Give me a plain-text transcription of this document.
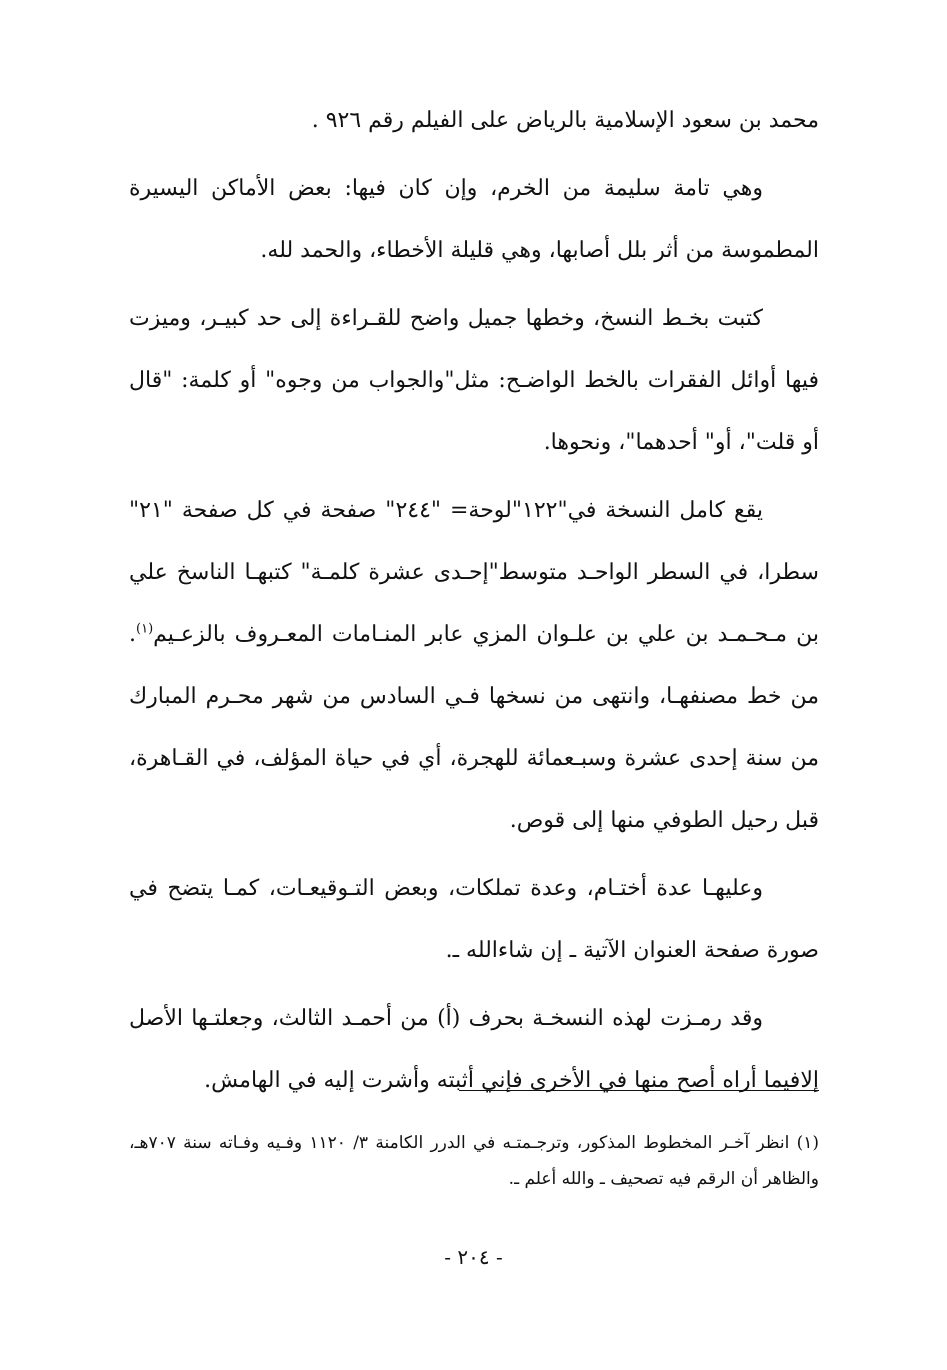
محمد بن سعود الإسلامية بالرياض على الفيلم رقم ٩٢٦ .

وهي تامة سليمة من الخرم، وإن كان فيها: بعض الأماكن اليسيرة المطموسة من أثر بلل أصابها، وهي قليلة الأخطاء، والحمد لله.

كتبت بخـط النسخ، وخطها جميل واضح للقـراءة إلى حد كبيـر، وميزت فيها أوائل الفقرات بالخط الواضـح: مثل"والجواب من وجوه" أو كلمة: "قال أو قلت"، أو" أحدهما"، ونحوها.

يقع كامل النسخة في"١٢٢"لوحة= "٢٤٤" صفحة في كل صفحة "٢١" سطرا، في السطر الواحـد متوسط"إحـدى عشرة كلمـة" كتبهـا الناسخ علي بن مـحـمـد بن علي بن علـوان المزي عابر المنـامات المعـروف بالزعـيم$^{(١)}$. من خط مصنفهـا، وانتهى من نسخها فـي السادس من شهر محـرم المبارك من سنة إحدى عشرة وسبـعمائة للهجرة، أي في حياة المؤلف، في القـاهرة، قبل رحيل الطوفي منها إلى قوص.

وعليهـا عدة أختـام، وعدة تملكات، وبعض التـوقيعـات، كمـا يتضح في صورة صفحة العنوان الآتية ـ إن شاءالله ـ.

وقد رمـزت لهذه النسخـة بحرف (أ) من أحمـد الثالث، وجعلتـها الأصل إلافيما أراه أصح منها في الأخرى فإني أثبته وأشرت إليه في الهامش.

(١) انظر آخـر المخطوط المذكور، وترجـمتـه في الدرر الكامنة ٣/ ١١٢٠ وفـيه وفـاته سنة ٧٠٧هـ، والظاهر أن الرقم فيه تصحيف ـ والله أعلم ـ.
- ٢٠٤ -
